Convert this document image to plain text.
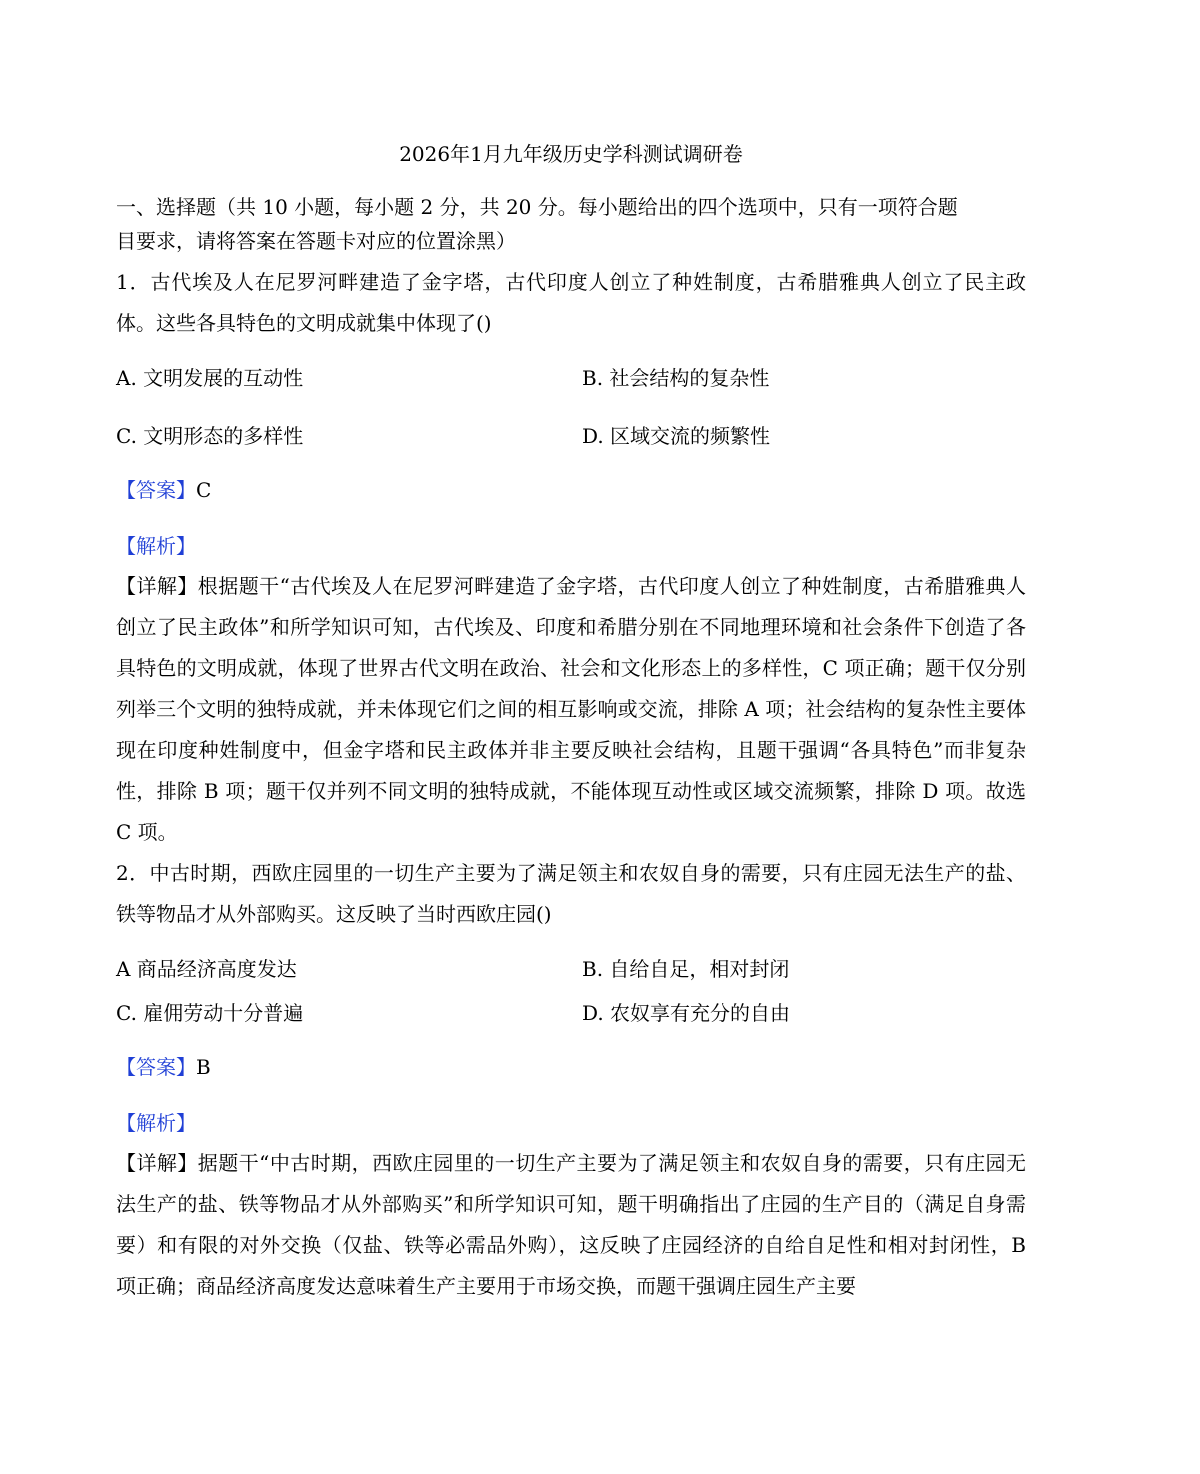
2026年1月九年级历史学科测试调研卷
一、选择题（共 10 小题，每小题 2 分，共 20 分。每小题给出的四个选项中，只有一项符合题
目要求，请将答案在答题卡对应的位置涂黑）

1．古代埃及人在尼罗河畔建造了金字塔，古代印度人创立了种姓制度，古希腊雅典人创立了民主政体。这些各具特色的文明成就集中体现了()

A. 文明发展的互动性	B. 社会结构的复杂性
C. 文明形态的多样性	D. 区域交流的频繁性
【答案】C
【解析】

【详解】根据题干“古代埃及人在尼罗河畔建造了金字塔，古代印度人创立了种姓制度，古希腊雅典人创立了民主政体”和所学知识可知，古代埃及、印度和希腊分别在不同地理环境和社会条件下创造了各具特色的文明成就，体现了世界古代文明在政治、社会和文化形态上的多样性，C 项正确；题干仅分别列举三个文明的独特成就，并未体现它们之间的相互影响或交流，排除 A 项；社会结构的复杂性主要体现在印度种姓制度中，但金字塔和民主政体并非主要反映社会结构，且题干强调“各具特色”而非复杂性，排除 B 项；题干仅并列不同文明的独特成就，不能体现互动性或区域交流频繁，排除 D 项。故选 C 项。

2．中古时期，西欧庄园里的一切生产主要为了满足领主和农奴自身的需要，只有庄园无法生产的盐、铁等物品才从外部购买。这反映了当时西欧庄园()

A 商品经济高度发达	B. 自给自足，相对封闭
C. 雇佣劳动十分普遍	D. 农奴享有充分的自由
【答案】B
【解析】

【详解】据题干“中古时期，西欧庄园里的一切生产主要为了满足领主和农奴自身的需要，只有庄园无法生产的盐、铁等物品才从外部购买”和所学知识可知，题干明确指出了庄园的生产目的（满足自身需要）和有限的对外交换（仅盐、铁等必需品外购），这反映了庄园经济的自给自足性和相对封闭性，B 项正确；商品经济高度发达意味着生产主要用于市场交换，而题干强调庄园生产主要
